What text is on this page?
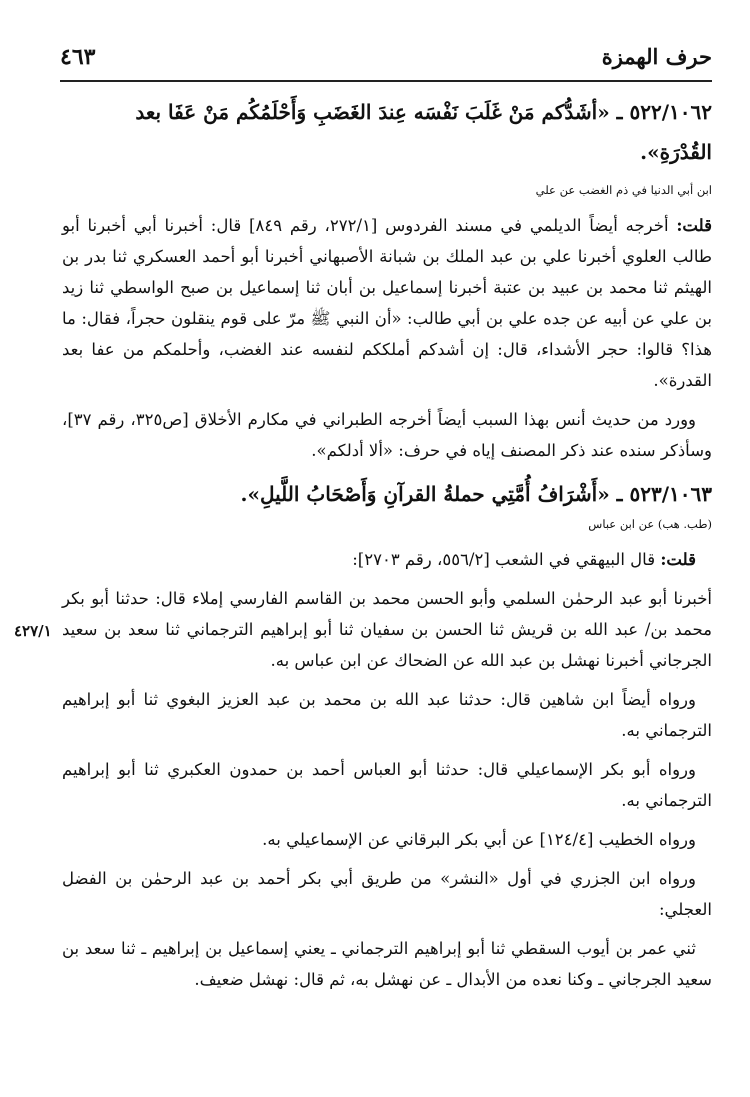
حرف الهمزة
٤٦٣
٤٢٧/١
٥٢٢/١٠٦٢ ـ «أشَدُّكم مَنْ غَلَبَ نَفْسَه عِندَ الغَضَبِ وَأَحْلَمُكُم مَنْ عَفَا بعد القُدْرَةِ».
ابن أبي الدنيا في ذم الغضب عن علي

قلت: أخرجه أيضاً الديلمي في مسند الفردوس [٢٧٢/١، رقم ٨٤٩] قال: أخبرنا أبي أخبرنا أبو طالب العلوي أخبرنا علي بن عبد الملك بن شبانة الأصبهاني أخبرنا أبو أحمد العسكري ثنا بدر بن الهيثم ثنا محمد بن عبيد بن عتبة أخبرنا إسماعيل بن أبان ثنا إسماعيل بن صبح الواسطي ثنا زيد بن علي عن أبيه عن جده علي بن أبي طالب: «أن النبي ﷺ مرّ على قوم ينقلون حجراً، فقال: ما هذا؟ قالوا: حجر الأشداء، قال: إن أشدكم أملككم لنفسه عند الغضب، وأحلمكم من عفا بعد القدرة».

وورد من حديث أنس بهذا السبب أيضاً أخرجه الطبراني في مكارم الأخلاق [ص٣٢٥، رقم ٣٧]، وسأذكر سنده عند ذكر المصنف إياه في حرف: «ألا أدلكم».

٥٢٣/١٠٦٣ ـ «أَشْرَافُ أُمَّتِي حملةُ القرآنِ وَأَصْحَابُ اللَّيلِ».
(طب. هب) عن ابن عباس

قلت: قال البيهقي في الشعب [٥٥٦/٢، رقم ٢٧٠٣]:

أخبرنا أبو عبد الرحمٰن السلمي وأبو الحسن محمد بن القاسم الفارسي إملاء قال: حدثنا أبو بكر محمد بن/ عبد الله بن قريش ثنا الحسن بن سفيان ثنا أبو إبراهيم الترجماني ثنا سعد بن سعيد الجرجاني أخبرنا نهشل بن عبد الله عن الضحاك عن ابن عباس به.

ورواه أيضاً ابن شاهين قال: حدثنا عبد الله بن محمد بن عبد العزيز البغوي ثنا أبو إبراهيم الترجماني به.

ورواه أبو بكر الإسماعيلي قال: حدثنا أبو العباس أحمد بن حمدون العكبري ثنا أبو إبراهيم الترجماني به.

ورواه الخطيب [١٢٤/٤] عن أبي بكر البرقاني عن الإسماعيلي به.

ورواه ابن الجزري في أول «النشر» من طريق أبي بكر أحمد بن عبد الرحمٰن بن الفضل العجلي:

ثني عمر بن أيوب السقطي ثنا أبو إبراهيم الترجماني ـ يعني إسماعيل بن إبراهيم ـ ثنا سعد بن سعيد الجرجاني ـ وكنا نعده من الأبدال ـ عن نهشل به، ثم قال: نهشل ضعيف.
